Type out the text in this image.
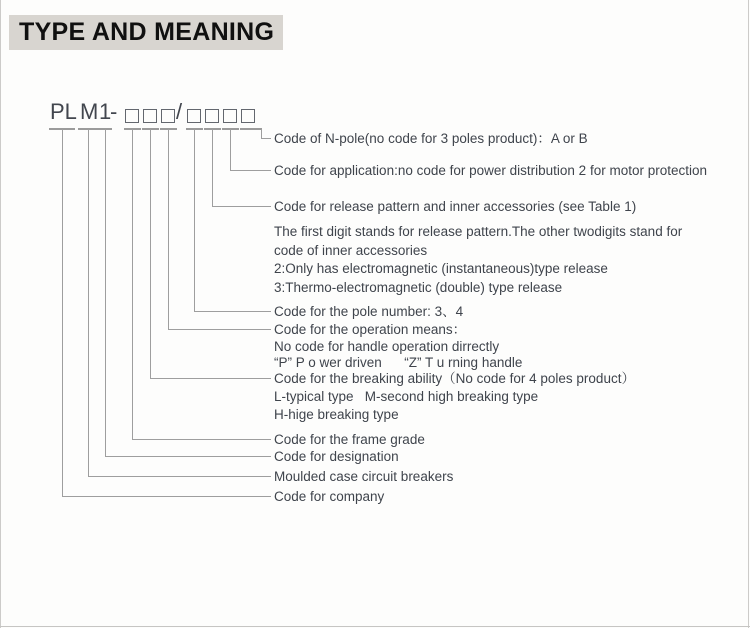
TYPE AND MEANING
PL M 1
-	/
Code of N-pole(no code for 3 poles product)：A or B
Code for application:no code for power distribution 2 for motor protection
Code for release pattern and inner accessories (see Table 1)
The first digit stands for release pattern.The other twodigits stand for
code of inner accessories
2:Only has electromagnetic (instantaneous)type release
3:Thermo-electromagnetic (double) type release
Code for the pole number: 3、4
Code for the operation means：
No code for handle operation dirrectly
“P” P o wer driven      “Z” T u rning handle
Code for the breaking ability（No code for 4 poles product）
L-typical type   M-second high breaking type
H-hige breaking type
Code for the frame grade
Code for designation
Moulded case circuit breakers
Code for company
